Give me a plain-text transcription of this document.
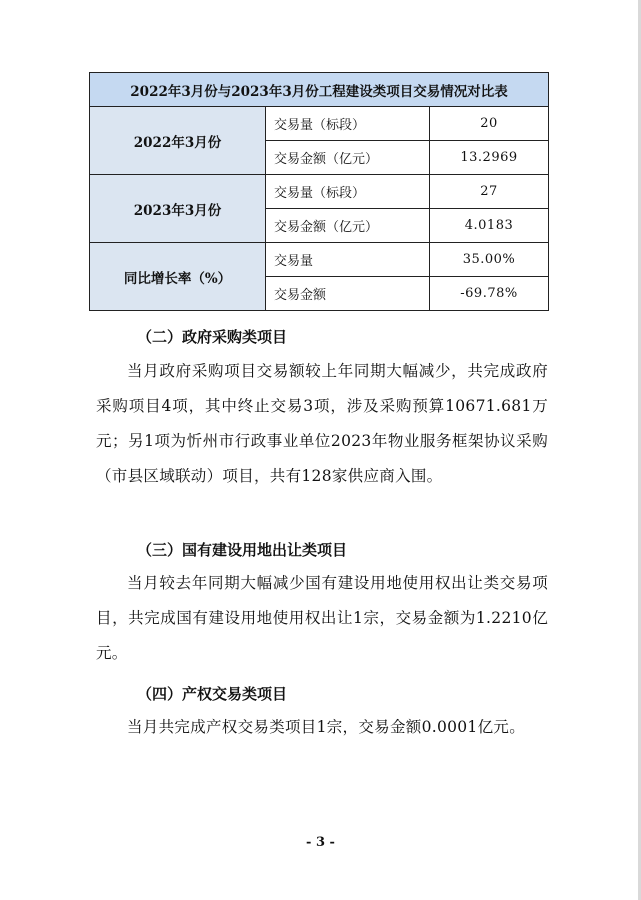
2022年3月份与2023年3月份工程建设类项目交易情况对比表		
2022年3月份	交易量（标段）	20
	交易金额（亿元）	13.2969
2023年3月份	交易量（标段）	27
	交易金额（亿元）	4.0183
同比增长率（%）	交易量	35.00%
	交易金额	-69.78%
（二）政府采购类项目
当月政府采购项目交易额较上年同期大幅减少，共完成政府采购项目4项，其中终止交易3项，涉及采购预算10671.681万元；另1项为忻州市行政事业单位2023年物业服务框架协议采购（市县区域联动）项目，共有128家供应商入围。
（三）国有建设用地出让类项目
当月较去年同期大幅减少国有建设用地使用权出让类交易项目，共完成国有建设用地使用权出让1宗，交易金额为1.2210亿元。
（四）产权交易类项目
当月共完成产权交易类项目1宗，交易金额0.0001亿元。
- 3 -
